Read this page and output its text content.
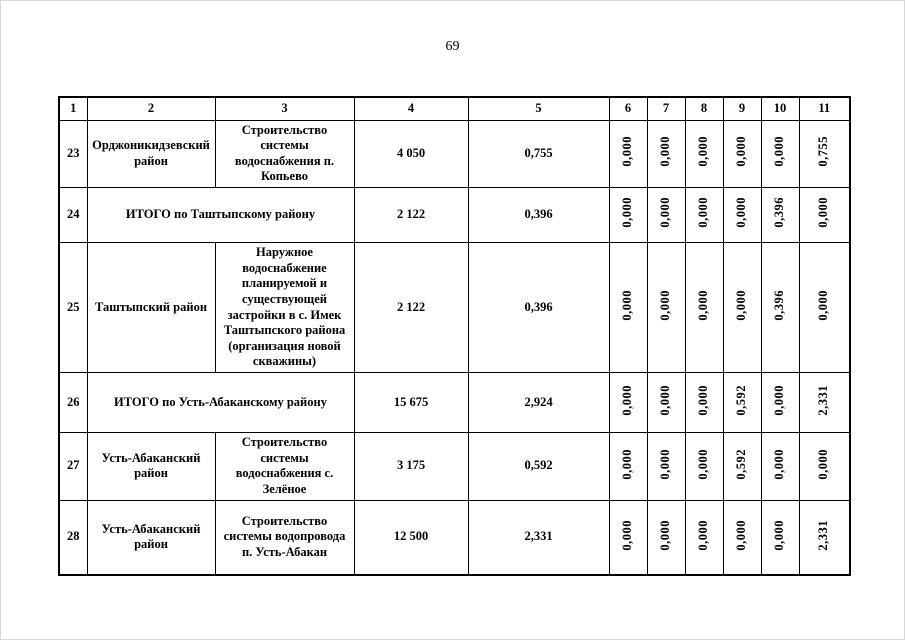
69
1	2	3	4	5	6	7	8	9	10	11
23	Орджоникидзевский район	Строительство системы водоснабжения п. Копьево	4 050	0,755	0,000	0,000	0,000	0,000	0,000	0,755
24	ИТОГО по Таштыпскому району		2 122	0,396	0,000	0,000	0,000	0,000	0,396	0,000
25	Таштыпский район	Наружное водоснабжение планируемой и существующей застройки в с. Имек Таштыпского района (организация новой скважины)	2 122	0,396	0,000	0,000	0,000	0,000	0,396	0,000
26	ИТОГО по Усть-Абаканскому району		15 675	2,924	0,000	0,000	0,000	0,592	0,000	2,331
27	Усть-Абаканский район	Строительство системы водоснабжения с. Зелёное	3 175	0,592	0,000	0,000	0,000	0,592	0,000	0,000
28	Усть-Абаканский район	Строительство системы водопровода п. Усть-Абакан	12 500	2,331	0,000	0,000	0,000	0,000	0,000	2,331
